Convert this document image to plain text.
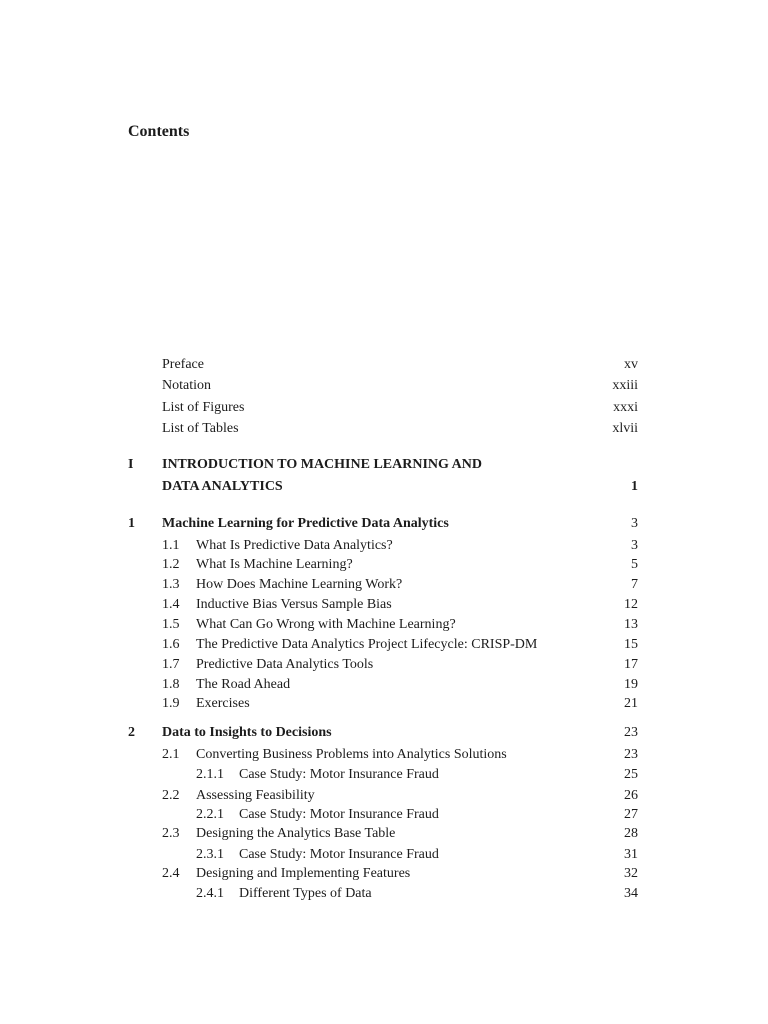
Contents
Preface	xv
Notation	xxiii
List of Figures	xxxi
List of Tables	xlvii
I INTRODUCTION TO MACHINE LEARNING AND
DATA ANALYTICS	1
1 Machine Learning for Predictive Data Analytics	3
1.1 What Is Predictive Data Analytics?	3
1.2 What Is Machine Learning?	5
1.3 How Does Machine Learning Work?	7
1.4 Inductive Bias Versus Sample Bias	12
1.5 What Can Go Wrong with Machine Learning?	13
1.6 The Predictive Data Analytics Project Lifecycle: CRISP-DM	15
1.7 Predictive Data Analytics Tools	17
1.8 The Road Ahead	19
1.9 Exercises	21
2 Data to Insights to Decisions	23
2.1 Converting Business Problems into Analytics Solutions	23
2.1.1 Case Study: Motor Insurance Fraud	25
2.2 Assessing Feasibility	26
2.2.1 Case Study: Motor Insurance Fraud	27
2.3 Designing the Analytics Base Table	28
2.3.1 Case Study: Motor Insurance Fraud	31
2.4 Designing and Implementing Features	32
2.4.1 Different Types of Data	34
